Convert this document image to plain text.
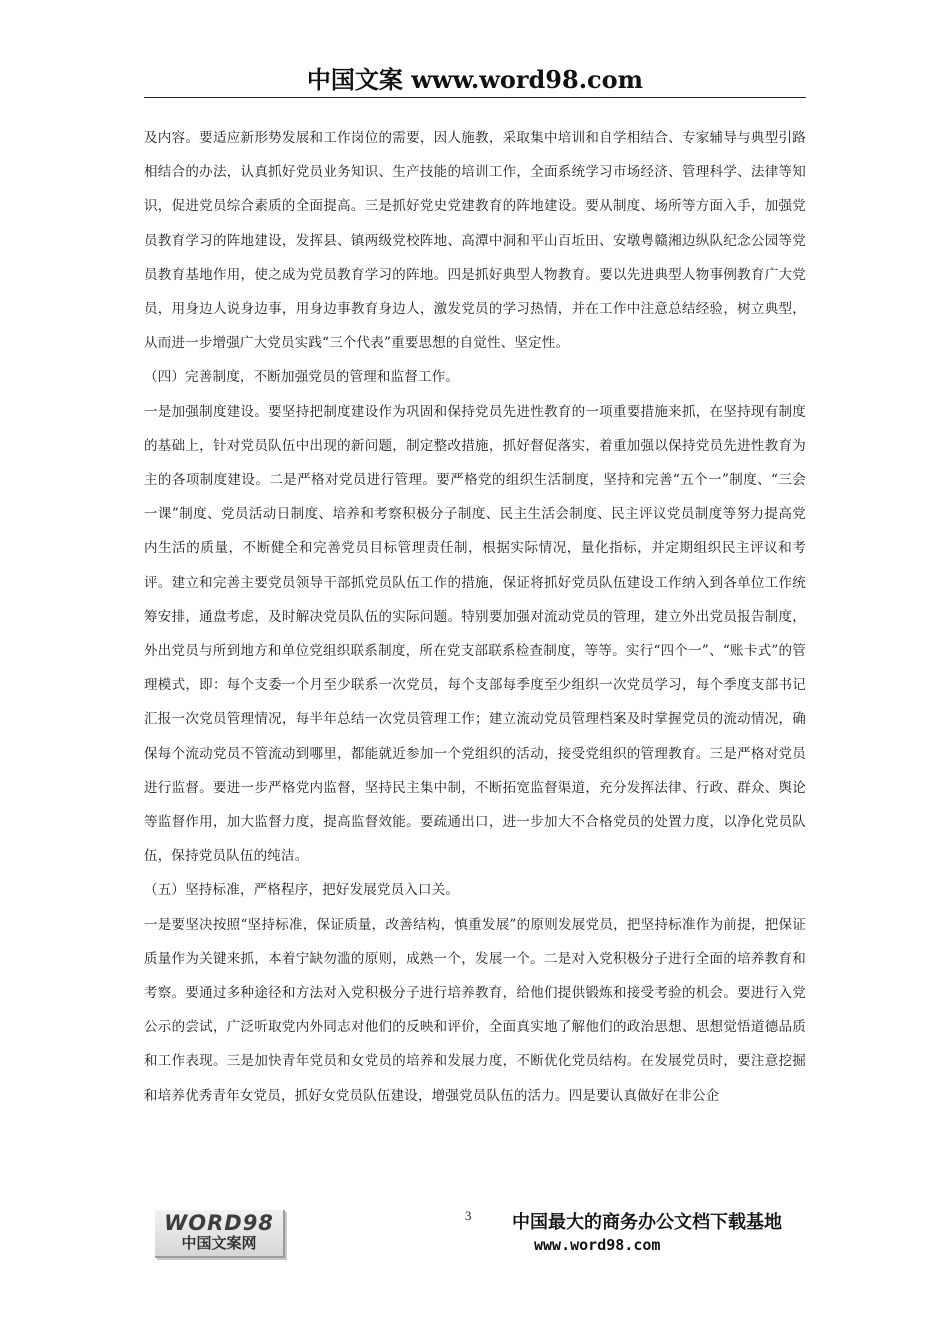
中国文案 www.word98.com

及内容。要适应新形势发展和工作岗位的需要，因人施教，采取集中培训和自学相结合、专家辅导与典型引路相结合的办法，认真抓好党员业务知识、生产技能的培训工作，全面系统学习市场经济、管理科学、法律等知识，促进党员综合素质的全面提高。三是抓好党史党建教育的阵地建设。要从制度、场所等方面入手，加强党员教育学习的阵地建设，发挥县、镇两级党校阵地、高潭中洞和平山百坵田、安墩粤赣湘边纵队纪念公园等党员教育基地作用，使之成为党员教育学习的阵地。四是抓好典型人物教育。要以先进典型人物事例教育广大党员，用身边人说身边事，用身边事教育身边人，激发党员的学习热情，并在工作中注意总结经验，树立典型，从而进一步增强广大党员实践“三个代表”重要思想的自觉性、坚定性。

（四）完善制度，不断加强党员的管理和监督工作。

一是加强制度建设。要坚持把制度建设作为巩固和保持党员先进性教育的一项重要措施来抓，在坚持现有制度的基础上，针对党员队伍中出现的新问题，制定整改措施，抓好督促落实，着重加强以保持党员先进性教育为主的各项制度建设。二是严格对党员进行管理。要严格党的组织生活制度，坚持和完善“五个一”制度、“三会一课”制度、党员活动日制度、培养和考察积极分子制度、民主生活会制度、民主评议党员制度等努力提高党内生活的质量，不断健全和完善党员目标管理责任制，根据实际情况，量化指标，并定期组织民主评议和考评。建立和完善主要党员领导干部抓党员队伍工作的措施，保证将抓好党员队伍建设工作纳入到各单位工作统筹安排，通盘考虑，及时解决党员队伍的实际问题。特别要加强对流动党员的管理，建立外出党员报告制度，外出党员与所到地方和单位党组织联系制度，所在党支部联系检查制度，等等。实行“四个一”、“账卡式”的管理模式，即：每个支委一个月至少联系一次党员，每个支部每季度至少组织一次党员学习，每个季度支部书记汇报一次党员管理情况，每半年总结一次党员管理工作；建立流动党员管理档案及时掌握党员的流动情况，确保每个流动党员不管流动到哪里，都能就近参加一个党组织的活动，接受党组织的管理教育。三是严格对党员进行监督。要进一步严格党内监督，坚持民主集中制，不断拓宽监督渠道，充分发挥法律、行政、群众、舆论等监督作用，加大监督力度，提高监督效能。要疏通出口，进一步加大不合格党员的处置力度，以净化党员队伍，保持党员队伍的纯洁。

（五）坚持标准，严格程序，把好发展党员入口关。

一是要坚决按照“坚持标准，保证质量，改善结构，慎重发展”的原则发展党员，把坚持标准作为前提，把保证质量作为关键来抓，本着宁缺勿滥的原则，成熟一个，发展一个。二是对入党积极分子进行全面的培养教育和考察。要通过多种途径和方法对入党积极分子进行培养教育，给他们提供锻炼和接受考验的机会。要进行入党公示的尝试，广泛听取党内外同志对他们的反映和评价，全面真实地了解他们的政治思想、思想觉悟道德品质和工作表现。三是加快青年党员和女党员的培养和发展力度，不断优化党员结构。在发展党员时，要注意挖掘和培养优秀青年女党员，抓好女党员队伍建设，增强党员队伍的活力。四是要认真做好在非公企

3
WORD98
中国文案网
中国最大的商务办公文档下载基地
www.word98.com
